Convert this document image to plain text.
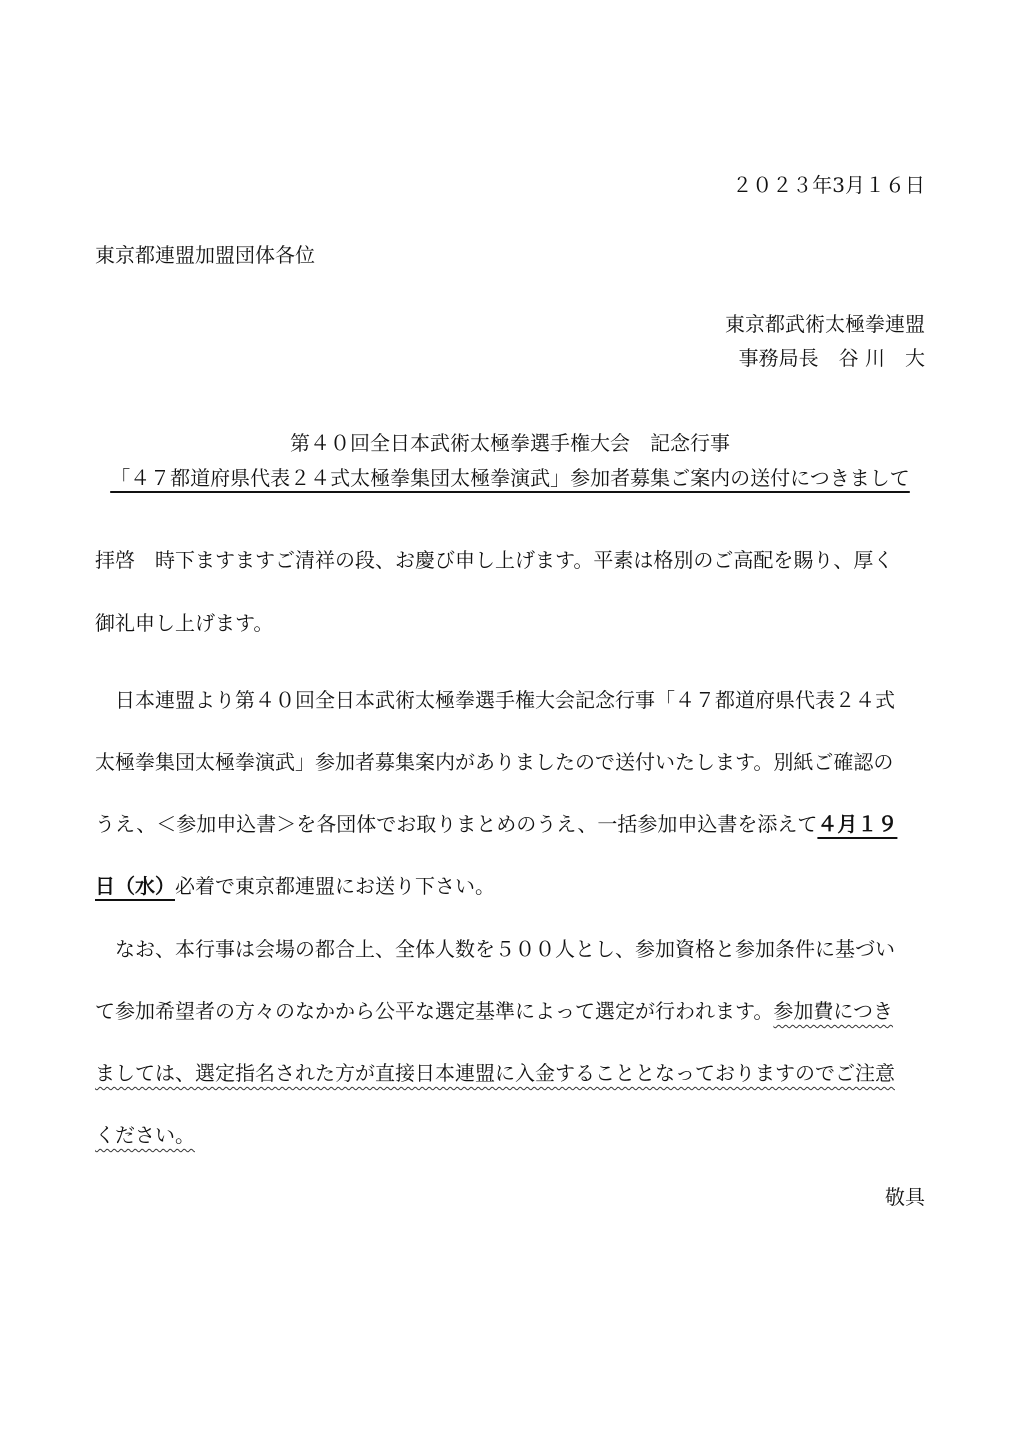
２０２３年3月１６日
東京都連盟加盟団体各位
東京都武術太極拳連盟
事務局長　谷 川　大
第４０回全日本武術太極拳選手権大会　記念行事
「４７都道府県代表２４式太極拳集団太極拳演武」参加者募集ご案内の送付につきまして
拝啓　時下ますますご清祥の段、お慶び申し上げます。平素は格別のご高配を賜り、厚く
御礼申し上げます。
日本連盟より第４０回全日本武術太極拳選手権大会記念行事「４７都道府県代表２４式
太極拳集団太極拳演武」参加者募集案内がありましたので送付いたします。別紙ご確認の
うえ、＜参加申込書＞を各団体でお取りまとめのうえ、一括参加申込書を添えて４月１９
日（水）必着で東京都連盟にお送り下さい。
なお、本行事は会場の都合上、全体人数を５００人とし、参加資格と参加条件に基づい
て参加希望者の方々のなかから公平な選定基準によって選定が行われます。参加費につき
ましては、選定指名された方が直接日本連盟に入金することとなっておりますのでご注意
ください。
敬具
